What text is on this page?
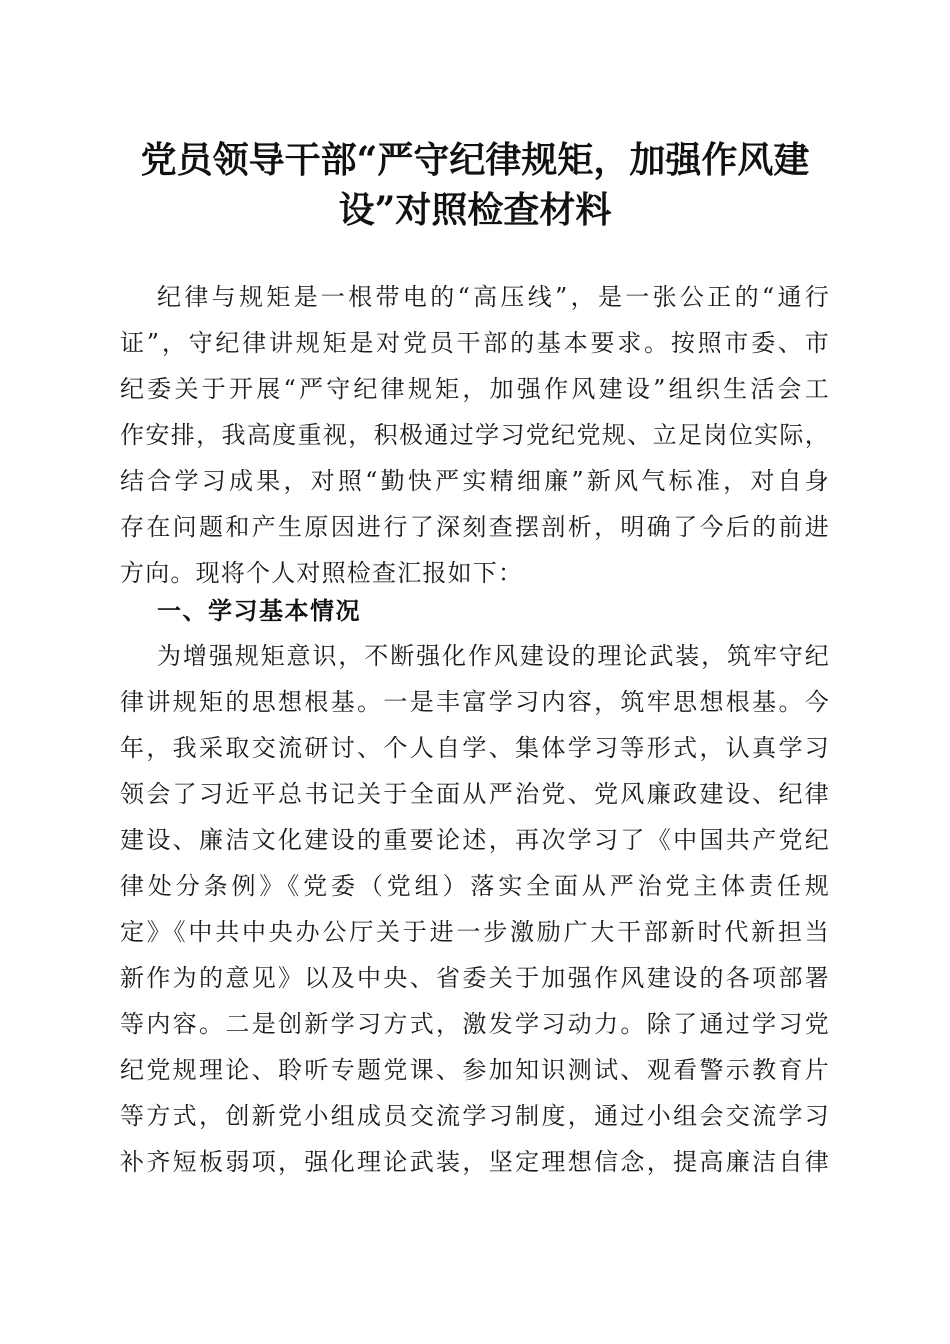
党员领导干部“严守纪律规矩，加强作风建
设”对照检查材料
纪律与规矩是一根带电的“高压线”，是一张公正的“通行
证”，守纪律讲规矩是对党员干部的基本要求。按照市委、市
纪委关于开展“严守纪律规矩，加强作风建设”组织生活会工
作安排，我高度重视，积极通过学习党纪党规、立足岗位实际，
结合学习成果，对照“勤快严实精细廉”新风气标准，对自身
存在问题和产生原因进行了深刻查摆剖析，明确了今后的前进
方向。现将个人对照检查汇报如下：
一、学习基本情况
为增强规矩意识，不断强化作风建设的理论武装，筑牢守纪
律讲规矩的思想根基。一是丰富学习内容，筑牢思想根基。今
年，我采取交流研讨、个人自学、集体学习等形式，认真学习
领会了习近平总书记关于全面从严治党、党风廉政建设、纪律
建设、廉洁文化建设的重要论述，再次学习了《中国共产党纪
律处分条例》《党委（党组）落实全面从严治党主体责任规
定》《中共中央办公厅关于进一步激励广大干部新时代新担当
新作为的意见》以及中央、省委关于加强作风建设的各项部署
等内容。二是创新学习方式，激发学习动力。除了通过学习党
纪党规理论、聆听专题党课、参加知识测试、观看警示教育片
等方式，创新党小组成员交流学习制度，通过小组会交流学习
补齐短板弱项，强化理论武装，坚定理想信念，提高廉洁自律
